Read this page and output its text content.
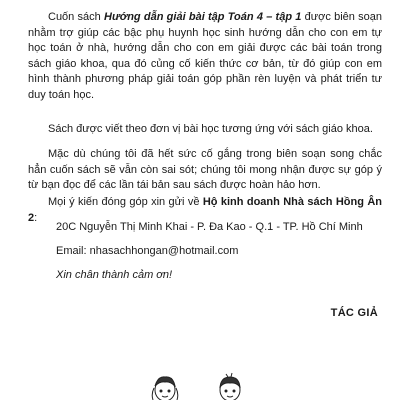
Cuốn sách Hướng dẫn giải bài tập Toán 4 – tập 1 được biên soạn nhằm trợ giúp các bậc phụ huynh học sinh hướng dẫn cho con em tự học toán ở nhà, hướng dẫn cho con em giải được các bài toán trong sách giáo khoa, qua đó củng cố kiến thức cơ bản, từ đó giúp con em hình thành phương pháp giải toán góp phần rèn luyện và phát triển tư duy toán học.

Sách được viết theo đơn vị bài học tương ứng với sách giáo khoa.

Mặc dù chúng tôi đã hết sức cố gắng trong biên soạn song chắc hẳn cuốn sách sẽ vẫn còn sai sót; chúng tôi mong nhận được sự góp ý từ bạn đọc để các lần tái bản sau sách được hoàn hảo hơn.

Mọi ý kiến đóng góp xin gửi về Hộ kinh doanh Nhà sách Hồng Ân 2:

20C Nguyễn Thị Minh Khai - P. Đa Kao - Q.1 - TP. Hồ Chí Minh

Email: nhasachhongan@hotmail.com

Xin chân thành cảm ơn!

TÁC GIẢ
